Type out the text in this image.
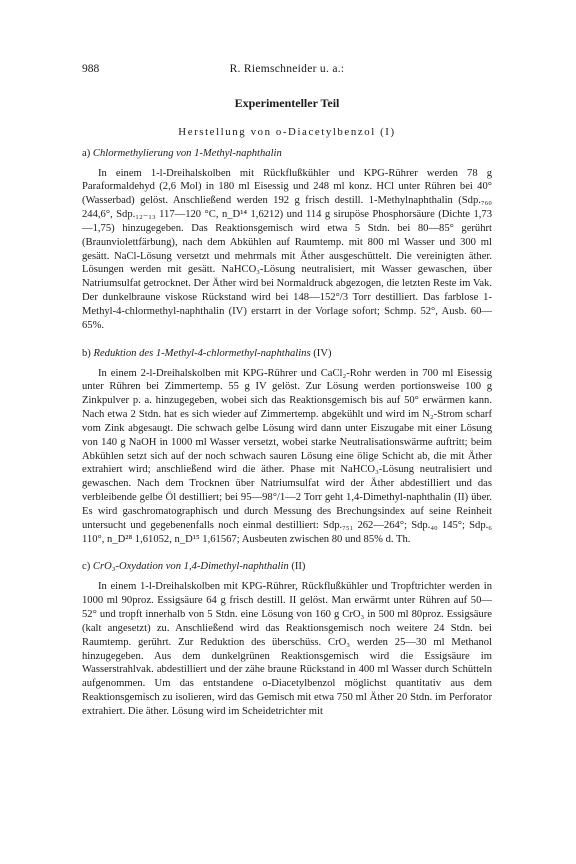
988	R. Riemschneider u. a.:
Experimenteller Teil
Herstellung von o-Diacetylbenzol (I)
a) Chlormethylierung von 1-Methyl-naphthalin

In einem 1-l-Dreihalskolben mit Rückflußkühler und KPG-Rührer werden 78 g Paraformaldehyd (2,6 Mol) in 180 ml Eisessig und 248 ml konz. HCl unter Rühren bei 40° (Wasserbad) gelöst. Anschließend werden 192 g frisch destill. 1-Methylnaphthalin (Sdp.₇₆₀ 244,6°, Sdp.₁₂₋₁₃ 117—120 °C, n_D¹⁴ 1,6212) und 114 g sirupöse Phosphorsäure (Dichte 1,73—1,75) hinzugegeben. Das Reaktionsgemisch wird etwa 5 Stdn. bei 80—85° gerührt (Braunviolettfärbung), nach dem Abkühlen auf Raumtemp. mit 800 ml Wasser und 300 ml gesätt. NaCl-Lösung versetzt und mehrmals mit Äther ausgeschüttelt. Die vereinigten äther. Lösungen werden mit gesätt. NaHCO₃-Lösung neutralisiert, mit Wasser gewaschen, über Natriumsulfat getrocknet. Der Äther wird bei Normaldruck abgezogen, die letzten Reste im Vak. Der dunkelbraune viskose Rückstand wird bei 148—152°/3 Torr destilliert. Das farblose 1-Methyl-4-chlormethyl-naphthalin (IV) erstarrt in der Vorlage sofort; Schmp. 52°, Ausb. 60—65%.

b) Reduktion des 1-Methyl-4-chlormethyl-naphthalins (IV)

In einem 2-l-Dreihalskolben mit KPG-Rührer und CaCl₂-Rohr werden in 700 ml Eisessig unter Rühren bei Zimmertemp. 55 g IV gelöst. Zur Lösung werden portionsweise 100 g Zinkpulver p. a. hinzugegeben, wobei sich das Reaktionsgemisch bis auf 50° erwärmen kann. Nach etwa 2 Stdn. hat es sich wieder auf Zimmertemp. abgekühlt und wird im N₂-Strom scharf vom Zink abgesaugt. Die schwach gelbe Lösung wird dann unter Eiszugabe mit einer Lösung von 140 g NaOH in 1000 ml Wasser versetzt, wobei starke Neutralisationswärme auftritt; beim Abkühlen setzt sich auf der noch schwach sauren Lösung eine ölige Schicht ab, die mit Äther extrahiert wird; anschließend wird die äther. Phase mit NaHCO₃-Lösung neutralisiert und gewaschen. Nach dem Trocknen über Natriumsulfat wird der Äther abdestilliert und das verbleibende gelbe Öl destilliert; bei 95—98°/1—2 Torr geht 1,4-Dimethyl-naphthalin (II) über. Es wird gaschromatographisch und durch Messung des Brechungsindex auf seine Reinheit untersucht und gegebenenfalls noch einmal destilliert: Sdp.₇₅₁ 262—264°; Sdp.₄₀ 145°; Sdp.₆ 110°, n_D²⁸ 1,61052, n_D¹⁵ 1,61567; Ausbeuten zwischen 80 und 85% d. Th.

c) CrO₃-Oxydation von 1,4-Dimethyl-naphthalin (II)

In einem 1-l-Dreihalskolben mit KPG-Rührer, Rückflußkühler und Tropftrichter werden in 1000 ml 90proz. Essigsäure 64 g frisch destill. II gelöst. Man erwärmt unter Rühren auf 50—52° und tropft innerhalb von 5 Stdn. eine Lösung von 160 g CrO₃ in 500 ml 80proz. Essigsäure (kalt angesetzt) zu. Anschließend wird das Reaktionsgemisch noch weitere 24 Stdn. bei Raumtemp. gerührt. Zur Reduktion des überschüss. CrO₃ werden 25—30 ml Methanol hinzugegeben. Aus dem dunkelgrünen Reaktionsgemisch wird die Essigsäure im Wasserstrahlvak. abdestilliert und der zähe braune Rückstand in 400 ml Wasser durch Schütteln aufgenommen. Um das entstandene o-Diacetylbenzol möglichst quantitativ aus dem Reaktionsgemisch zu isolieren, wird das Gemisch mit etwa 750 ml Äther 20 Stdn. im Perforator extrahiert. Die äther. Lösung wird im Scheidetrichter mit
